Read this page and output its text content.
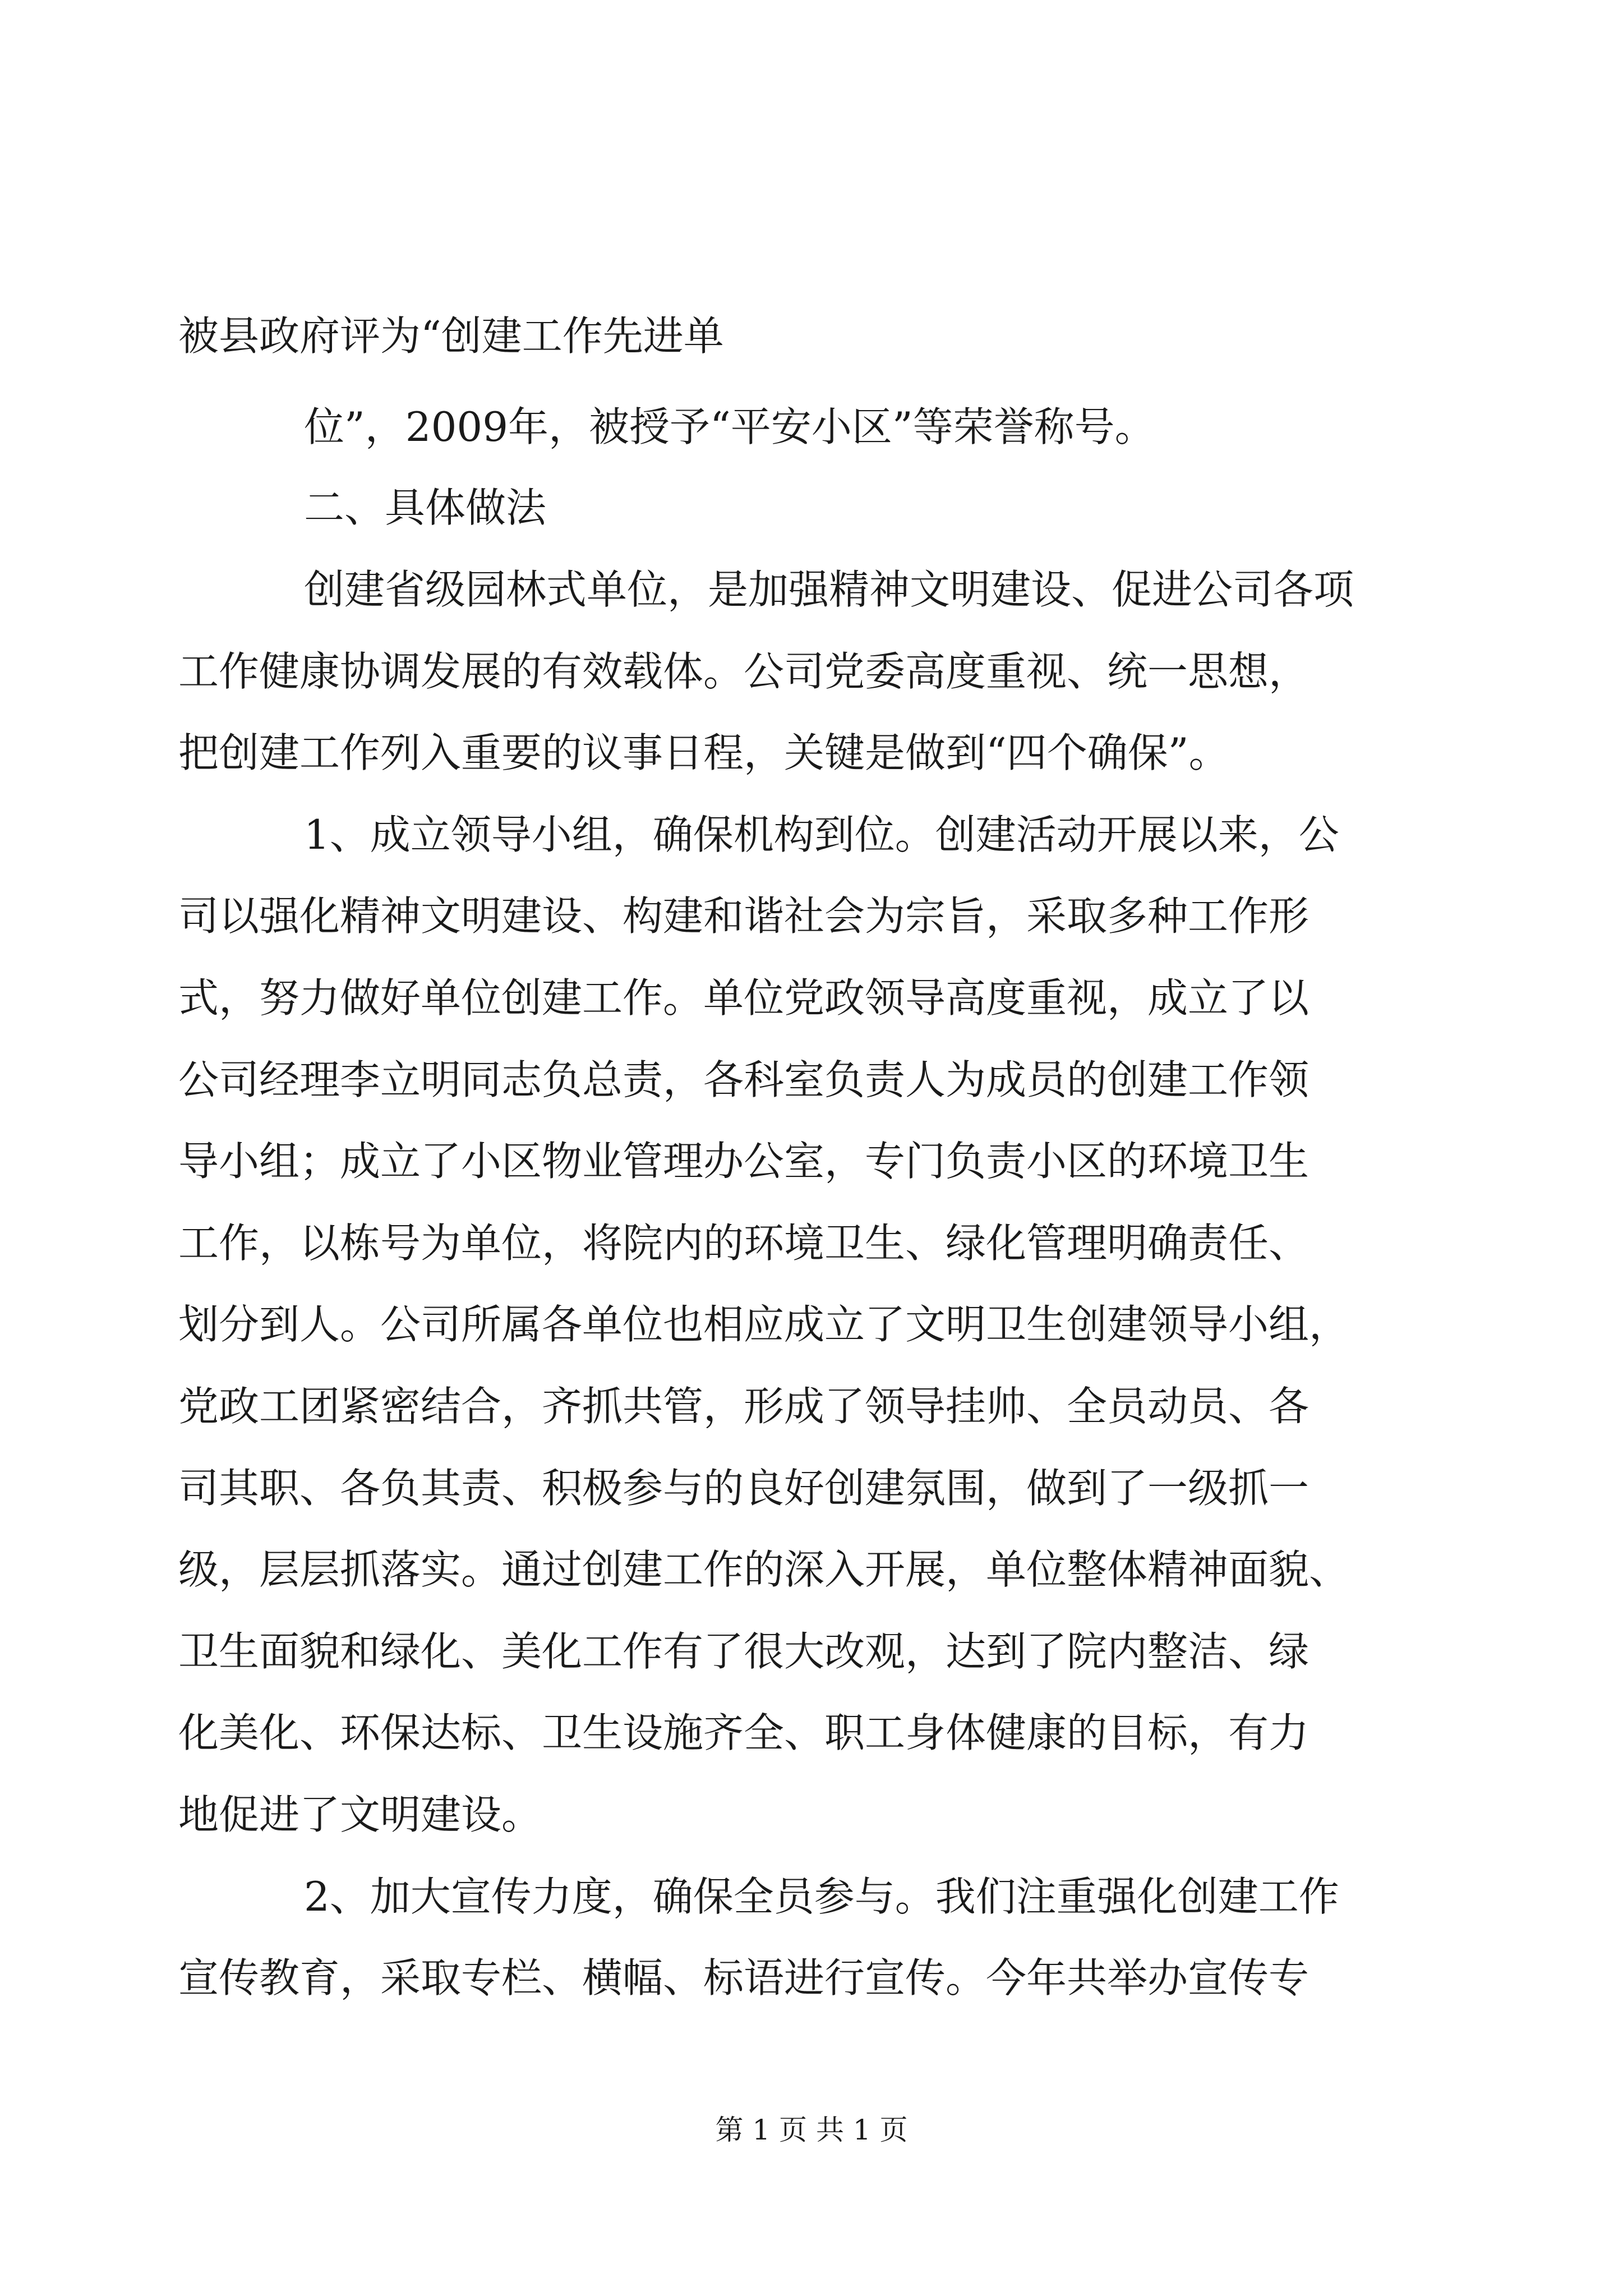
被县政府评为“创建工作先进单
位”，2009年，被授予“平安小区”等荣誉称号。
二、具体做法
创建省级园林式单位，是加强精神文明建设、促进公司各项
工作健康协调发展的有效载体。公司党委高度重视、统一思想，
把创建工作列入重要的议事日程，关键是做到“四个确保”。
1、成立领导小组，确保机构到位。创建活动开展以来，公
司以强化精神文明建设、构建和谐社会为宗旨，采取多种工作形
式，努力做好单位创建工作。单位党政领导高度重视，成立了以
公司经理李立明同志负总责，各科室负责人为成员的创建工作领
导小组；成立了小区物业管理办公室，专门负责小区的环境卫生
工作，以栋号为单位，将院内的环境卫生、绿化管理明确责任、
划分到人。公司所属各单位也相应成立了文明卫生创建领导小组，
党政工团紧密结合，齐抓共管，形成了领导挂帅、全员动员、各
司其职、各负其责、积极参与的良好创建氛围，做到了一级抓一
级，层层抓落实。通过创建工作的深入开展，单位整体精神面貌、
卫生面貌和绿化、美化工作有了很大改观，达到了院内整洁、绿
化美化、环保达标、卫生设施齐全、职工身体健康的目标，有力
地促进了文明建设。
2、加大宣传力度，确保全员参与。我们注重强化创建工作
宣传教育，采取专栏、横幅、标语进行宣传。今年共举办宣传专
第 1 页 共 1 页
